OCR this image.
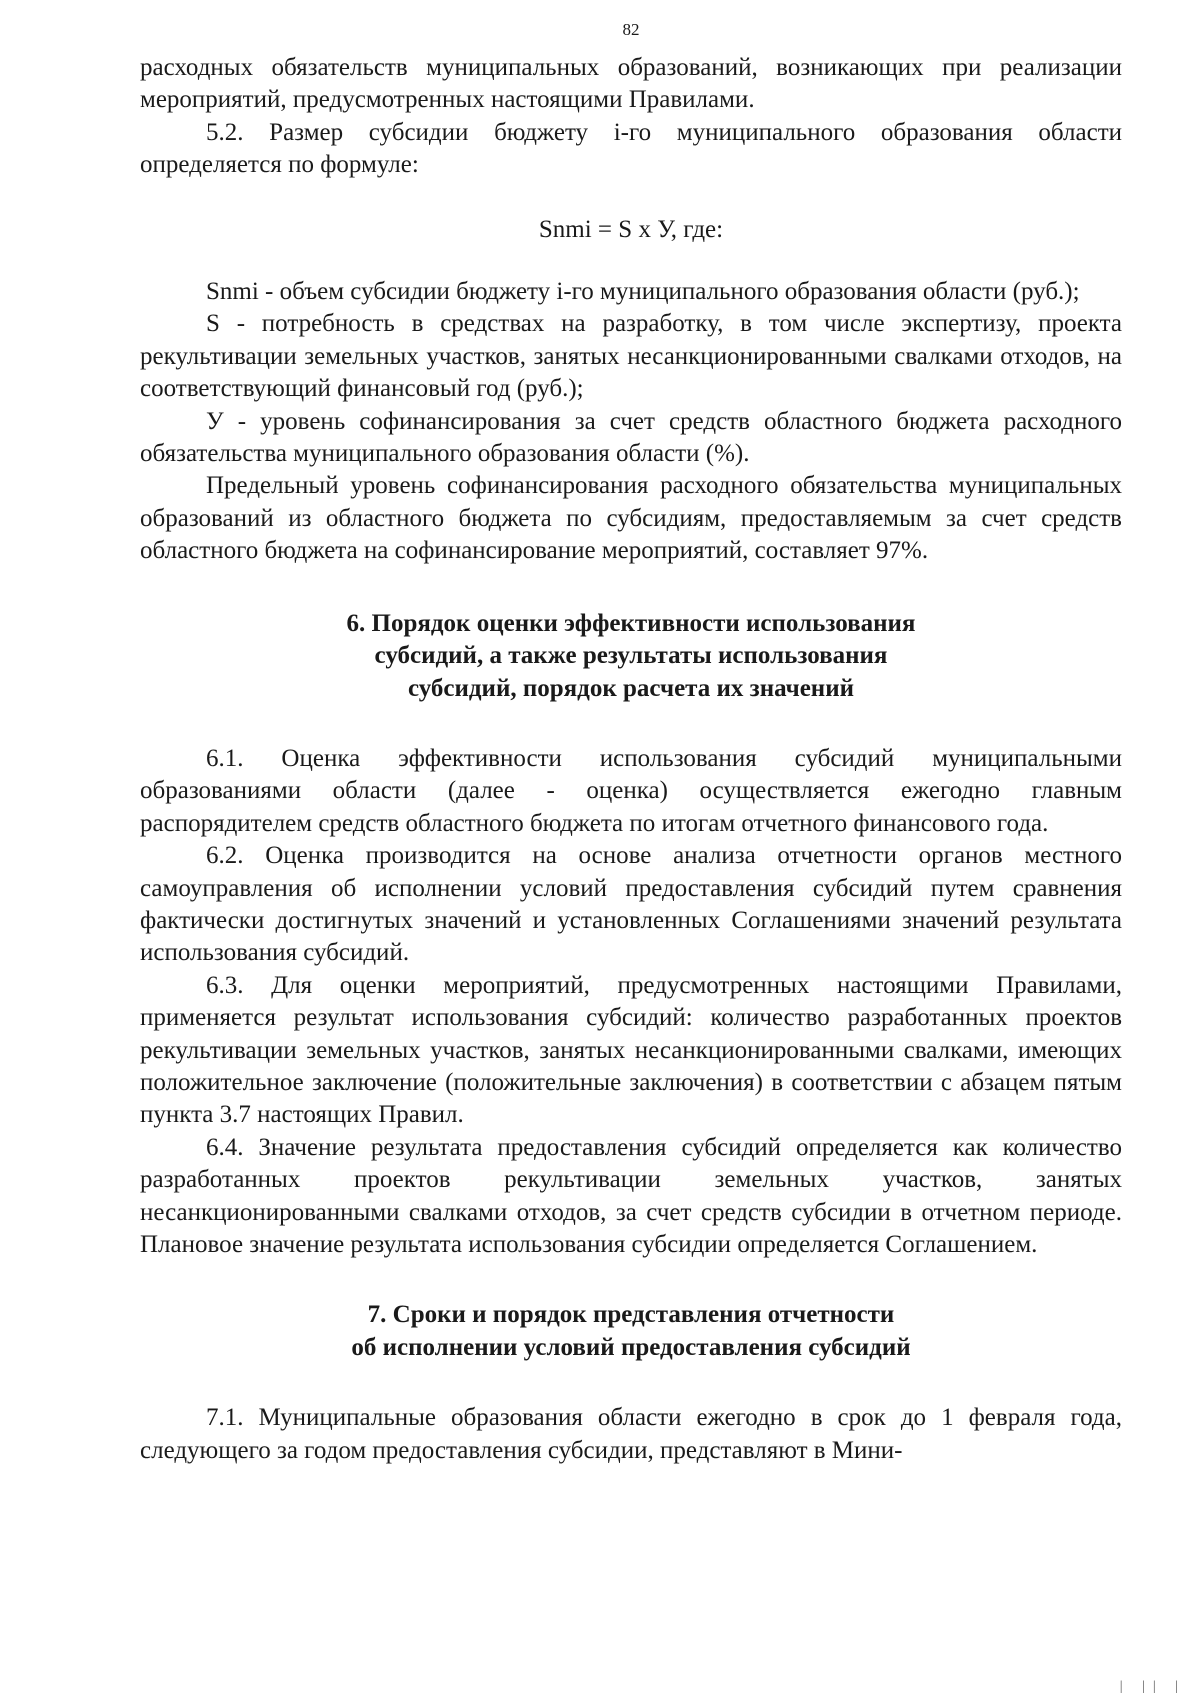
82

расходных обязательств муниципальных образований, возникающих при реализации мероприятий, предусмотренных настоящими Правилами.

5.2. Размер субсидии бюджету i-го муниципального образования области определяется по формуле:

Snmi = S х У, где:

Snmi - объем субсидии бюджету i-го муниципального образования области (руб.);

S - потребность в средствах на разработку, в том числе экспертизу, проекта рекультивации земельных участков, занятых несанкционированными свалками отходов, на соответствующий финансовый год (руб.);

У - уровень софинансирования за счет средств областного бюджета расходного обязательства муниципального образования области (%).

Предельный уровень софинансирования расходного обязательства муниципальных образований из областного бюджета по субсидиям, предоставляемым за счет средств областного бюджета на софинансирование мероприятий, составляет 97%.

6. Порядок оценки эффективности использования
субсидий, а также результаты использования
субсидий, порядок расчета их значений

6.1. Оценка эффективности использования субсидий муниципальными образованиями области (далее - оценка) осуществляется ежегодно главным распорядителем средств областного бюджета по итогам отчетного финансового года.

6.2. Оценка производится на основе анализа отчетности органов местного самоуправления об исполнении условий предоставления субсидий путем сравнения фактически достигнутых значений и установленных Соглашениями значений результата использования субсидий.

6.3. Для оценки мероприятий, предусмотренных настоящими Правилами, применяется результат использования субсидий: количество разработанных проектов рекультивации земельных участков, занятых несанкционированными свалками, имеющих положительное заключение (положительные заключения) в соответствии с абзацем пятым пункта 3.7 настоящих Правил.

6.4. Значение результата предоставления субсидий определяется как количество разработанных проектов рекультивации земельных участков, занятых несанкционированными свалками отходов, за счет средств субсидии в отчетном периоде. Плановое значение результата использования субсидии определяется Соглашением.

7. Сроки и порядок представления отчетности
об исполнении условий предоставления субсидий

7.1. Муниципальные образования области ежегодно в срок до 1 февраля года, следующего за годом предоставления субсидии, представляют в Мини-

| || |
